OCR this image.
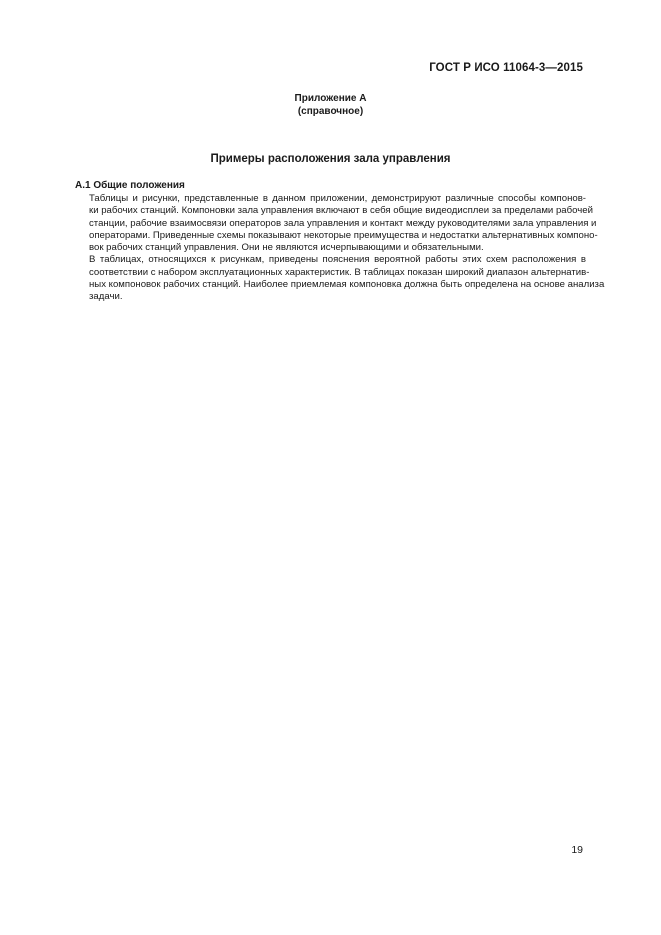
ГОСТ Р ИСО 11064-3—2015
Приложение А
(справочное)
Примеры расположения зала управления
А.1 Общие положения

Таблицы и рисунки, представленные в данном приложении, демонстрируют различные способы компонов-
ки рабочих станций. Компоновки зала управления включают в себя общие видеодисплеи за пределами рабочей
станции, рабочие взаимосвязи операторов зала управления и контакт между руководителями зала управления и
операторами. Приведенные схемы показывают некоторые преимущества и недостатки альтернативных компоно-
вок рабочих станций управления. Они не являются исчерпывающими и обязательными.

В таблицах, относящихся к рисункам, приведены пояснения вероятной работы этих схем расположения в
соответствии с набором эксплуатационных характеристик. В таблицах показан широкий диапазон альтернатив-
ных компоновок рабочих станций. Наиболее приемлемая компоновка должна быть определена на основе анализа
задачи.

19
